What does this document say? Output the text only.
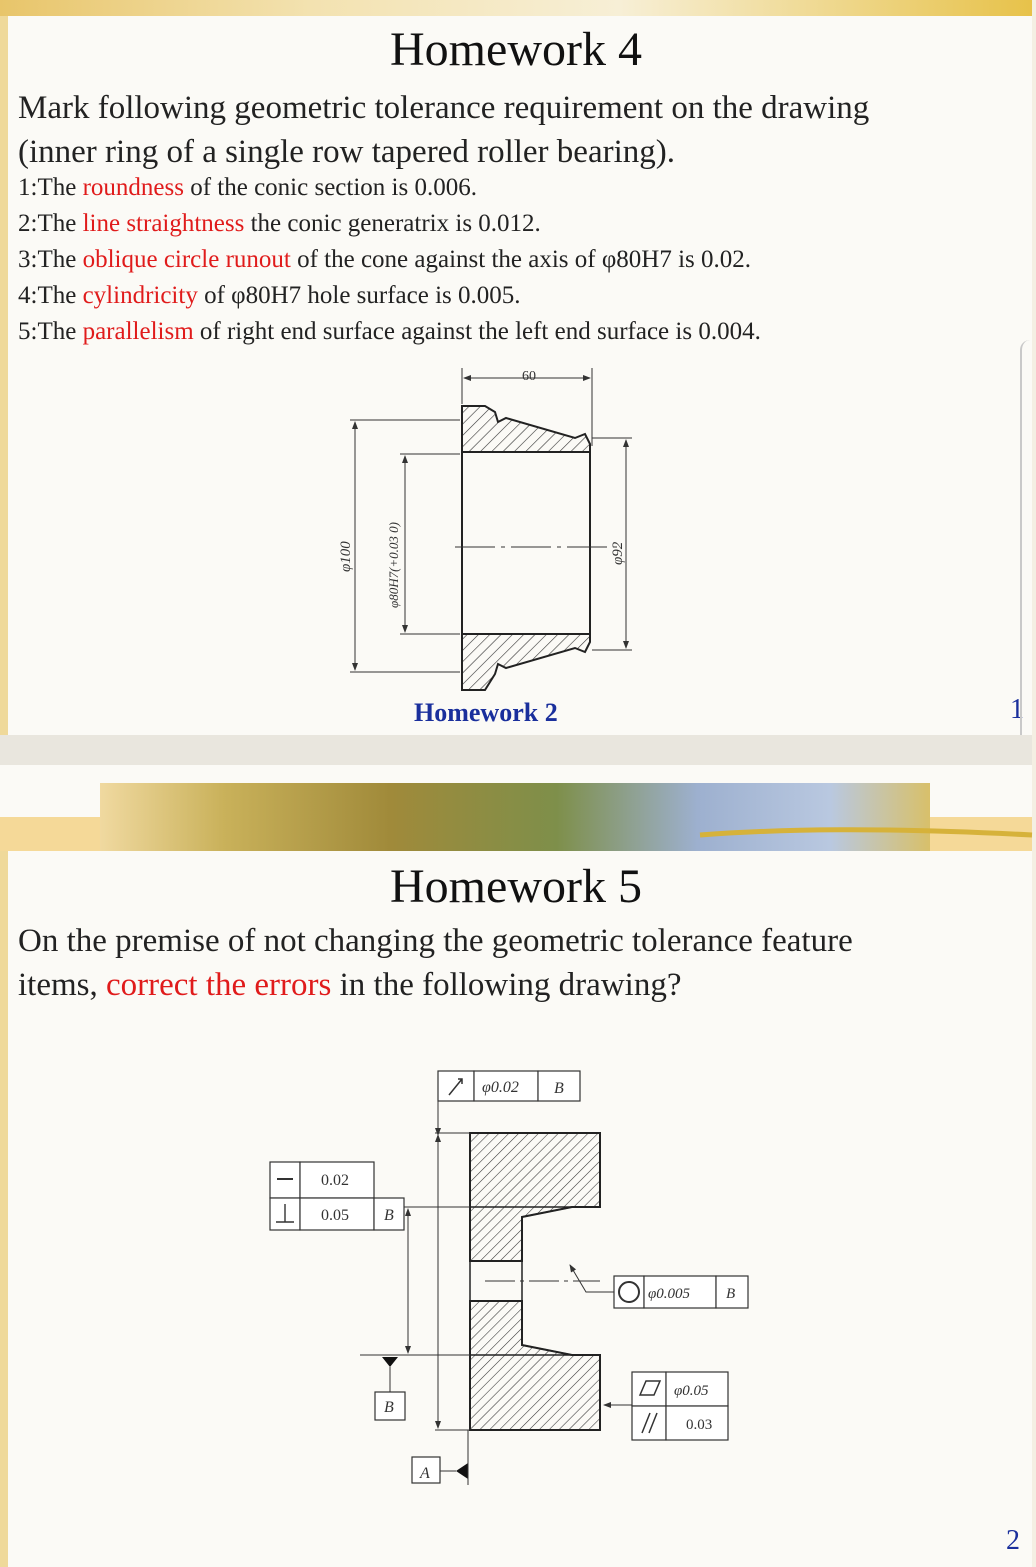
Homework 4
Mark following geometric tolerance requirement on the drawing
(inner ring of a single row tapered roller bearing).
1:The roundness of the conic section is 0.006.
2:The line straightness the conic generatrix is 0.012.
3:The oblique circle runout of the cone against the axis of φ80H7 is 0.02.
4:The cylindricity of φ80H7 hole surface is 0.005.
5:The parallelism of right end surface against the left end surface is 0.004.
60
φ100 φ80H7(+0.03 0)	φ92
Homework 2	1
Homework 5
On the premise of not changing the geometric tolerance feature
items, correct the errors in the following drawing?
0.02
0.05 B
φ0.02 B
φ0.005 B
φ0.05
0.03
B
A
2
